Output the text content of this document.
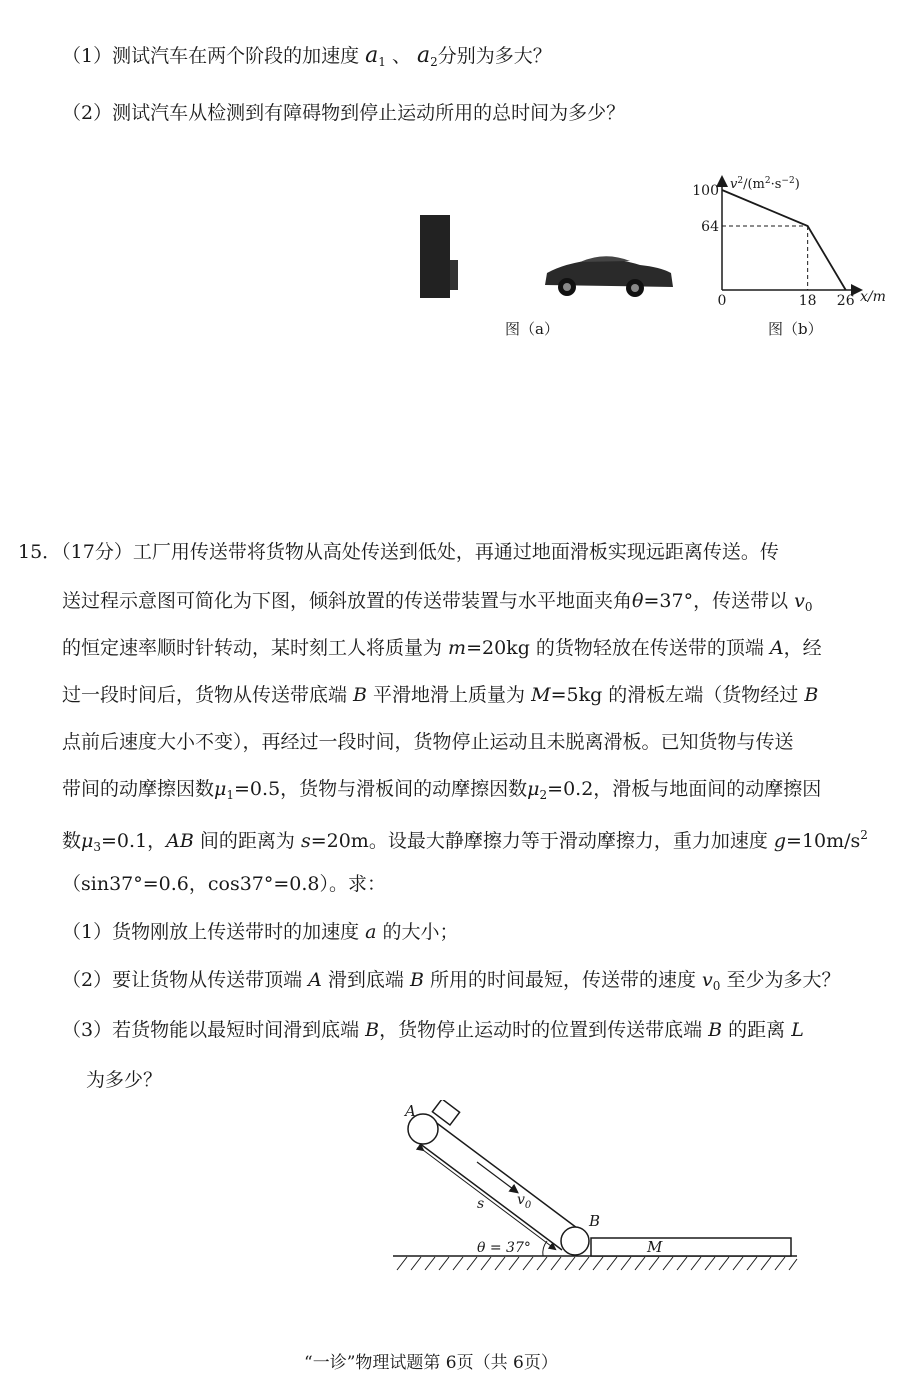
（1）测试汽车在两个阶段的加速度 $a_1$ 、 $a_2$分别为多大？
（2）测试汽车从检测到有障碍物到停止运动所用的总时间为多少？
图（a）
100
64
18 26
0	x/m
$v^2/(m^2\cdot s^{-2})$
图（b）
15．（17分）工厂用传送带将货物从高处传送到低处，再通过地面滑板实现远距离传送。传
送过程示意图可简化为下图，倾斜放置的传送带装置与水平地面夹角θ=37°，传送带以 $v_0$
的恒定速率顺时针转动，某时刻工人将质量为 m=20kg 的货物轻放在传送带的顶端 A，经
过一段时间后，货物从传送带底端 B 平滑地滑上质量为 M=5kg 的滑板左端（货物经过 B
点前后速度大小不变），再经过一段时间，货物停止运动且未脱离滑板。已知货物与传送
带间的动摩擦因数$\mu_1=0.5$，货物与滑板间的动摩擦因数$\mu_2=0.2$，滑板与地面间的动摩擦因
数$\mu_3=0.1$，AB 间的距离为 s=20m。设最大静摩擦力等于滑动摩擦力，重力加速度 $g=10m/s^2$
（sin37°=0.6，cos37°=0.8）。求：
（1）货物刚放上传送带时的加速度 a 的大小；
（2）要让货物从传送带顶端 A 滑到底端 B 所用的时间最短，传送带的速度 $v_0$ 至少为多大？
（3）若货物能以最短时间滑到底端 B，货物停止运动时的位置到传送带底端 B 的距离 L
为多少？
A
B
s $v_0$
M
θ = 37°
“一诊”物理试题第 6页（共 6页）
